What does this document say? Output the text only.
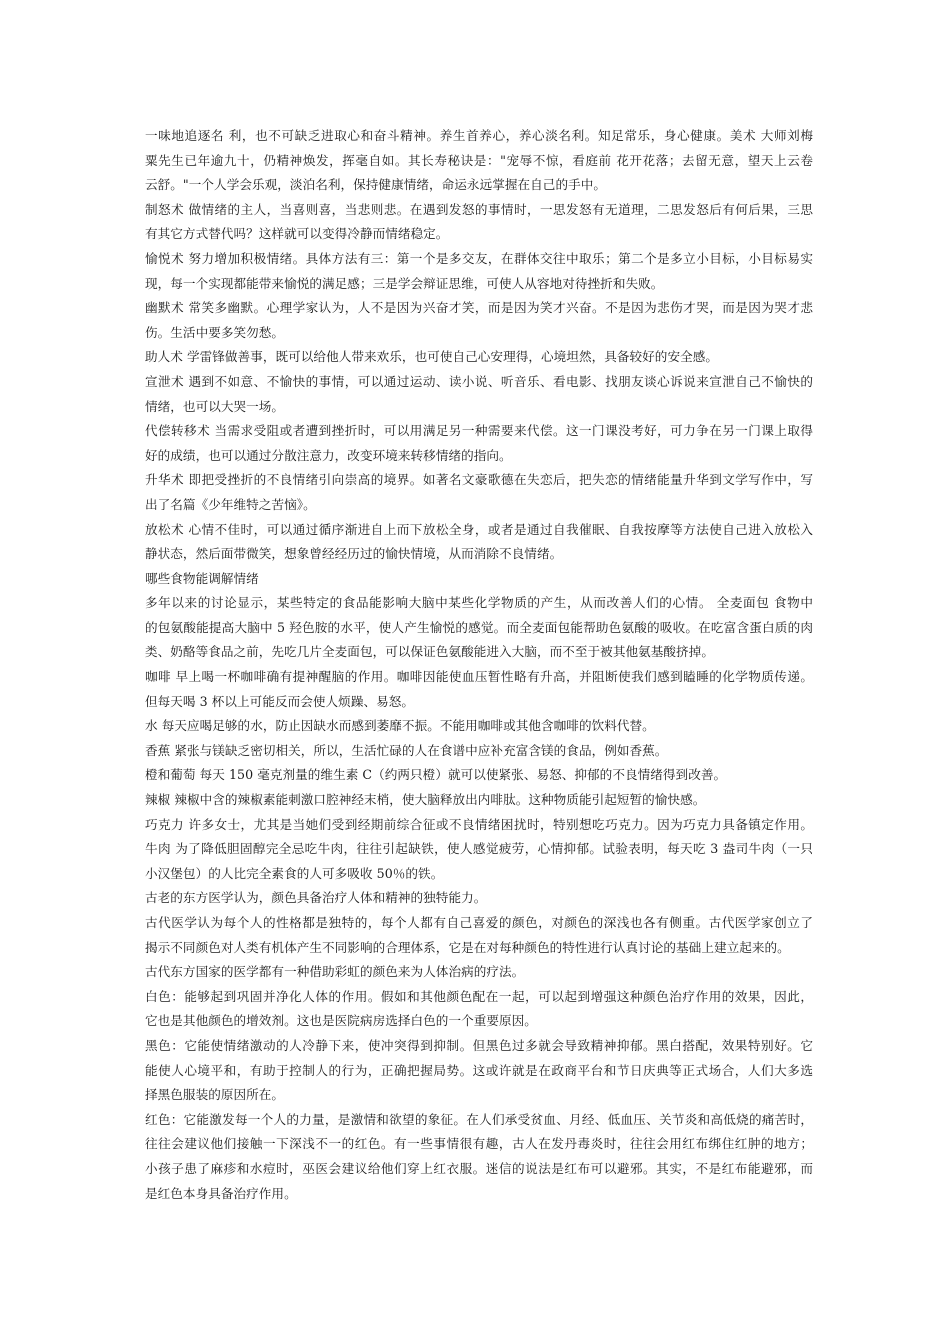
一味地追逐名 利，也不可缺乏进取心和奋斗精神。养生首养心，养心淡名利。知足常乐，身心健康。美术 大师刘梅
粟先生已年逾九十，仍精神焕发，挥毫自如。其长寿秘诀是："宠辱不惊，看庭前 花开花落；去留无意，望天上云卷
云舒。"一个人学会乐观，淡泊名利，保持健康情绪，命运永远掌握在自己的手中。
制怒术 做情绪的主人，当喜则喜，当悲则悲。在遇到发怒的事情时，一思发怒有无道理，二思发怒后有何后果，三思
有其它方式替代吗？这样就可以变得冷静而情绪稳定。
愉悦术 努力增加积极情绪。具体方法有三：第一个是多交友，在群体交往中取乐；第二个是多立小目标，小目标易实
现，每一个实现都能带来愉悦的满足感；三是学会辩证思维，可使人从容地对待挫折和失败。
幽默术 常笑多幽默。心理学家认为，人不是因为兴奋才笑，而是因为笑才兴奋。不是因为悲伤才哭，而是因为哭才悲
伤。生活中要多笑勿愁。
助人术 学雷锋做善事，既可以给他人带来欢乐，也可使自己心安理得，心境坦然，具备较好的安全感。
宣泄术 遇到不如意、不愉快的事情，可以通过运动、读小说、听音乐、看电影、找朋友谈心诉说来宣泄自己不愉快的
情绪，也可以大哭一场。
代偿转移术 当需求受阻或者遭到挫折时，可以用满足另一种需要来代偿。这一门课没考好，可力争在另一门课上取得
好的成绩，也可以通过分散注意力，改变环境来转移情绪的指向。
升华术 即把受挫折的不良情绪引向崇高的境界。如著名文豪歌德在失恋后，把失恋的情绪能量升华到文学写作中，写
出了名篇《少年维特之苦恼》。
放松术 心情不佳时，可以通过循序渐进自上而下放松全身，或者是通过自我催眠、自我按摩等方法使自己进入放松入
静状态，然后面带微笑，想象曾经经历过的愉快情境，从而消除不良情绪。
哪些食物能调解情绪
多年以来的讨论显示，某些特定的食品能影响大脑中某些化学物质的产生，从而改善人们的心情。 全麦面包 食物中
的包氨酸能提高大脑中 5 羟色胺的水平，使人产生愉悦的感觉。而全麦面包能帮助色氨酸的吸收。在吃富含蛋白质的肉
类、奶酪等食品之前，先吃几片全麦面包，可以保证色氨酸能进入大脑，而不至于被其他氨基酸挤掉。
咖啡 早上喝一杯咖啡确有提神醒脑的作用。咖啡因能使血压暂性略有升高，并阻断使我们感到瞌睡的化学物质传递。
但每天喝 3 杯以上可能反而会使人烦躁、易怒。
水 每天应喝足够的水，防止因缺水而感到萎靡不振。不能用咖啡或其他含咖啡的饮料代替。
香蕉 紧张与镁缺乏密切相关，所以，生活忙碌的人在食谱中应补充富含镁的食品，例如香蕉。
橙和葡萄 每天 150 毫克剂量的维生素 C（约两只橙）就可以使紧张、易怒、抑郁的不良情绪得到改善。
辣椒 辣椒中含的辣椒素能刺激口腔神经末梢，使大脑释放出内啡肽。这种物质能引起短暂的愉快感。
巧克力 许多女士，尤其是当她们受到经期前综合征或不良情绪困扰时，特别想吃巧克力。因为巧克力具备镇定作用。
牛肉 为了降低胆固醇完全忌吃牛肉，往往引起缺铁，使人感觉疲劳，心情抑郁。试验表明，每天吃 3 盎司牛肉（一只
小汉堡包）的人比完全素食的人可多吸收 50％的铁。
古老的东方医学认为，颜色具备治疗人体和精神的独特能力。
古代医学认为每个人的性格都是独特的，每个人都有自己喜爱的颜色，对颜色的深浅也各有侧重。古代医学家创立了
揭示不同颜色对人类有机体产生不同影响的合理体系，它是在对每种颜色的特性进行认真讨论的基础上建立起来的。
古代东方国家的医学都有一种借助彩虹的颜色来为人体治病的疗法。
白色：能够起到巩固并净化人体的作用。假如和其他颜色配在一起，可以起到增强这种颜色治疗作用的效果，因此，
它也是其他颜色的增效剂。这也是医院病房选择白色的一个重要原因。
黑色：它能使情绪激动的人冷静下来，使冲突得到抑制。但黑色过多就会导致精神抑郁。黑白搭配，效果特别好。它
能使人心境平和，有助于控制人的行为，正确把握局势。这或许就是在政商平台和节日庆典等正式场合，人们大多选
择黑色服装的原因所在。
红色：它能激发每一个人的力量，是激情和欲望的象征。在人们承受贫血、月经、低血压、关节炎和高低烧的痛苦时，
往往会建议他们接触一下深浅不一的红色。有一些事情很有趣，古人在发丹毒炎时，往往会用红布绑住红肿的地方；
小孩子患了麻疹和水痘时，巫医会建议给他们穿上红衣服。迷信的说法是红布可以避邪。其实，不是红布能避邪，而
是红色本身具备治疗作用。
